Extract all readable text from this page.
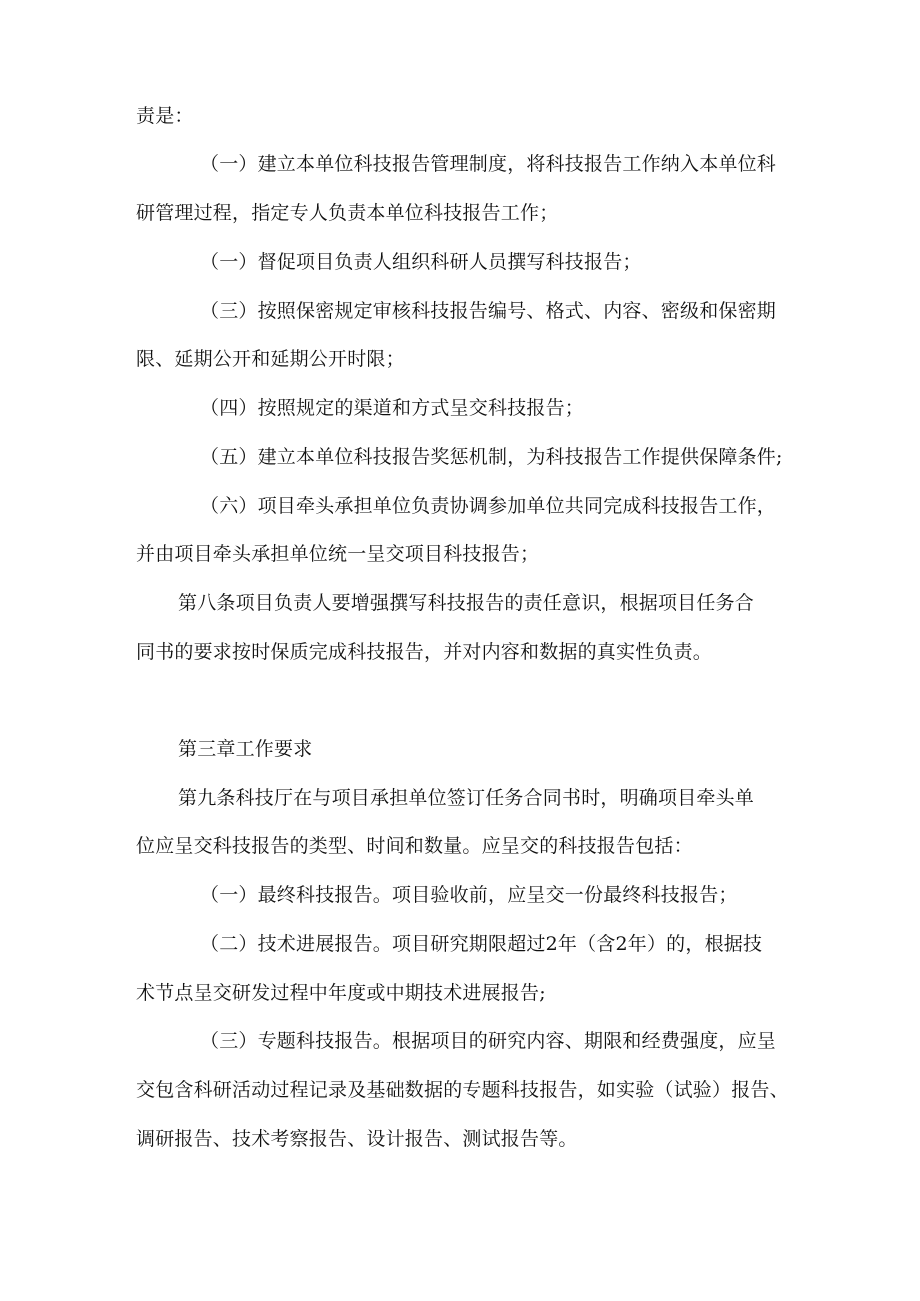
责是：
（一）建立本单位科技报告管理制度，将科技报告工作纳入本单位科
研管理过程，指定专人负责本单位科技报告工作；
（一）督促项目负责人组织科研人员撰写科技报告；
（三）按照保密规定审核科技报告编号、格式、内容、密级和保密期
限、延期公开和延期公开时限；
（四）按照规定的渠道和方式呈交科技报告；
（五）建立本单位科技报告奖惩机制，为科技报告工作提供保障条件;
（六）项目牵头承担单位负责协调参加单位共同完成科技报告工作，
并由项目牵头承担单位统一呈交项目科技报告；
第八条项目负责人要增强撰写科技报告的责任意识，根据项目任务合
同书的要求按时保质完成科技报告，并对内容和数据的真实性负责。
第三章工作要求
第九条科技厅在与项目承担单位签订任务合同书时，明确项目牵头单
位应呈交科技报告的类型、时间和数量。应呈交的科技报告包括：
（一）最终科技报告。项目验收前，应呈交一份最终科技报告；
（二）技术进展报告。项目研究期限超过2年（含2年）的，根据技
术节点呈交研发过程中年度或中期技术进展报告;
（三）专题科技报告。根据项目的研究内容、期限和经费强度，应呈
交包含科研活动过程记录及基础数据的专题科技报告，如实验（试验）报告、
调研报告、技术考察报告、设计报告、测试报告等。
